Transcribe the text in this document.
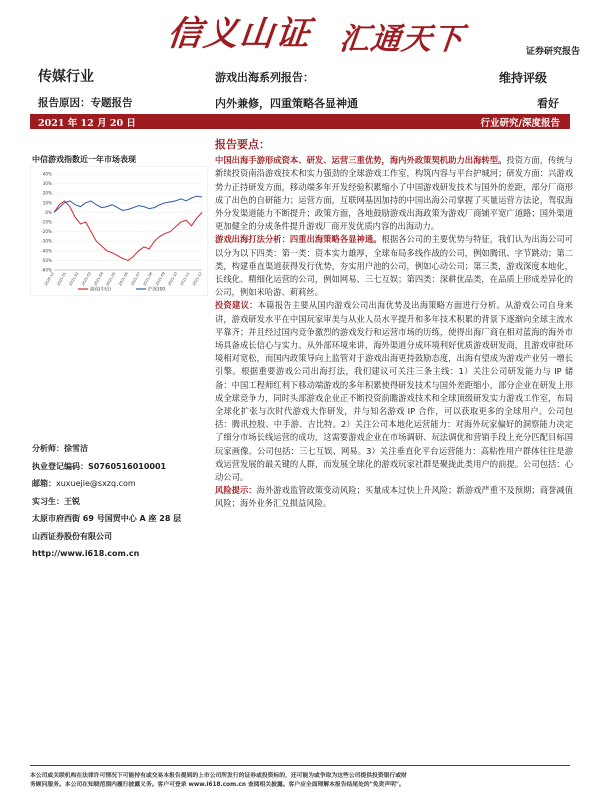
信义山证 汇通天下	证券研究报告
传媒行业	游戏出海系列报告：	维持评级
报告原因：专题报告	内外兼修，四重策略各显神通	看好
2021 年 12 月 20 日	行业研究/深度报告
中信游戏指数近一年市场表现
40%
30%
20%
10%
0%
-10%
-20%
-30%
-40%
-50%
-60%
2020-12 2021-01 2021-02 2021-03 2021-04 2021-05 2021-06 2021-07 2021-08 2021-09 2021-10 2021-11 2021-12
游戏(中信)	沪深300
分析师：徐雪洁
执业登记编码：S0760516010001
邮箱：xuxuejie@sxzq.com
实习生：王锐
太原市府西街 69 号国贸中心 A 座 28 层
山西证券股份有限公司
http://www.i618.com.cn
报告要点：

中国出海手游形成资本、研发、运营三重优势，海内外政策契机助力出海转型。投资方面，传统与新续投资南沿游戏技术和实力强劲的全球游戏工作室，构筑内容与平台护城河；研发方面：兴游戏势力正持研发方面，移动端多年开发经验积累缩小了中国游戏研发技术与国外的差距，部分厂商形成了出色的自研能力；运营方面，互联网基因加持的中国出海公司掌握了买量运营方法论，驾驭海外分发渠道能力不断提升；政策方面，各地鼓励游戏出海政策为游戏厂商铺平宽广道路；国外渠道更加健全的分成条件提升游戏厂商开发优质内容的出海动力。

游戏出海打法分析：四重出海策略各显神通。根据各公司的主要优势与特征，我们认为出海公司可以分为以下四类：第一类：资本实力雄厚，全球布局多线作战的公司，例如腾讯、字节跳动；第二类，构建垂直渠道获得发行优势，夯实用户池的公司，例如心动公司；第三类，游戏深度本地化，长线化、精细化运营的公司，例如网易、三七互娱；第四类：深耕优品类，在品质上形成差异化的公司，例如米哈游、莉莉丝。

投资建议：本篇报告主要从国内游戏公司出海优势及出海策略方面进行分析。从游戏公司自身来讲，游戏研发水平在中国玩家审美与从业人员水平提升和多年技术积累的背景下逐渐向全球主流水平靠齐；并且经过国内竞争激烈的游戏发行和运营市场的历练，使得出海厂商在相对蓝海的海外市场具备成长信心与实力。从外部环境来讲，海外渠道分成环境利好优质游戏研发商，且游戏审批环境相对宽松，而国内政策导向上监管对于游戏出海更持鼓励态度，出海有望成为游戏产业另一增长引擎。根据重要游戏公司出海打法，我们建议可关注三条主线：1）关注公司研发能力与 IP 储备：中国工程师红利下移动端游戏的多年积累使得研发技术与国外差距缩小，部分企业在研发上形成全球竞争力，同时头部游戏企业正不断投资前瞻游戏技术和全球顶级研发实力游戏工作室，布局全球化扩张与次时代游戏大作研发，并与知名游戏 IP 合作，可以获取更多的全球用户。公司包括：腾讯控股、中手游、吉比特。2）关注公司本地化运营能力：对海外玩家偏好的洞察能力决定了细分市场长线运营的成功，这需要游戏企业在市场调研、玩法调优和营销手段上充分匹配目标国玩家画像。公司包括：三七互娱、网易。3）关注垂直化平台运营能力：高粘性用户群体往往是游戏运营发展的最关键的人群，而发展全球化的游戏玩家社群是聚拢此类用户的前提。公司包括：心动公司。

风险提示：海外游戏监管政策变动风险；买量成本过快上升风险；新游戏严重不及预期；商誉减值风险；海外业务汇兑损益风险。

本公司或关联机构在法律许可情况下可能持有或交易本报告提到的上市公司所发行的证券或投资标的，还可能为或争取为这些公司提供投资银行或财
务顾问服务。本公司在知晓范围内履行披露义务。客户可登录 www.i618.com.cn 查阅相关披露。客户应全面理解本报告结尾处的"免责声明"。
